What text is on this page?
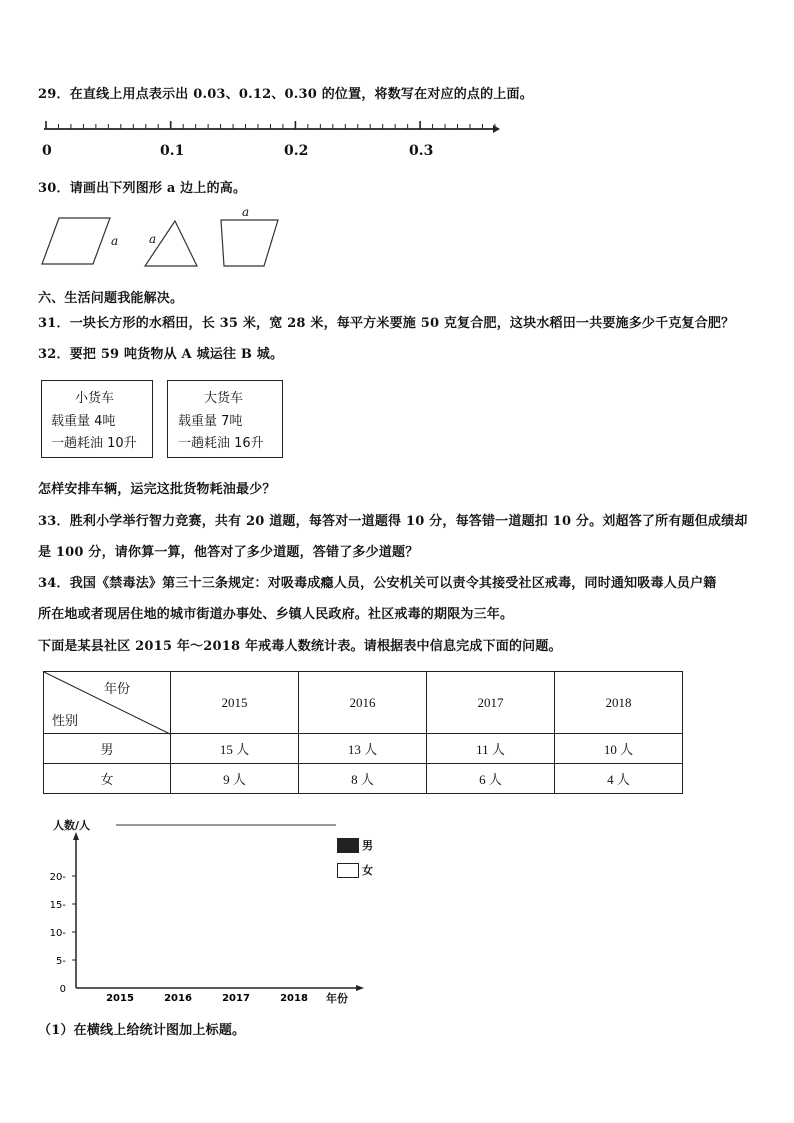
29．在直线上用点表示出 0.03、0.12、0.30 的位置，将数写在对应的点的上面。
0	0.1	0.2	0.3
30．请画出下列图形 a 边上的高。
a	a
a
六、生活问题我能解决。
31．一块长方形的水稻田，长 35 米，宽 28 米，每平方米要施 50 克复合肥，这块水稻田一共要施多少千克复合肥？
32．要把 59 吨货物从 A 城运往 B 城。
小货车
载重量 4吨
一趟耗油 10升
大货车
载重量 7吨
一趟耗油 16升
怎样安排车辆，运完这批货物耗油最少？
33．胜利小学举行智力竞赛，共有 20 道题，每答对一道题得 10 分，每答错一道题扣 10 分。刘超答了所有题但成绩却
是 100 分，请你算一算，他答对了多少道题，答错了多少道题？
34．我国《禁毒法》第三十三条规定：对吸毒成瘾人员，公安机关可以责令其接受社区戒毒，同时通知吸毒人员户籍
所在地或者现居住地的城市街道办事处、乡镇人民政府。社区戒毒的期限为三年。
下面是某县社区 2015 年～2018 年戒毒人数统计表。请根据表中信息完成下面的问题。
年份
性别	2015	2016	2017	2018
男	15 人	13 人	11 人	10 人
女	9 人	8 人	6 人	4 人
0
5-
10-
15-
20-
2015	2016	2017	2018
人数/人
年份
男
女
（1）在横线上给统计图加上标题。
